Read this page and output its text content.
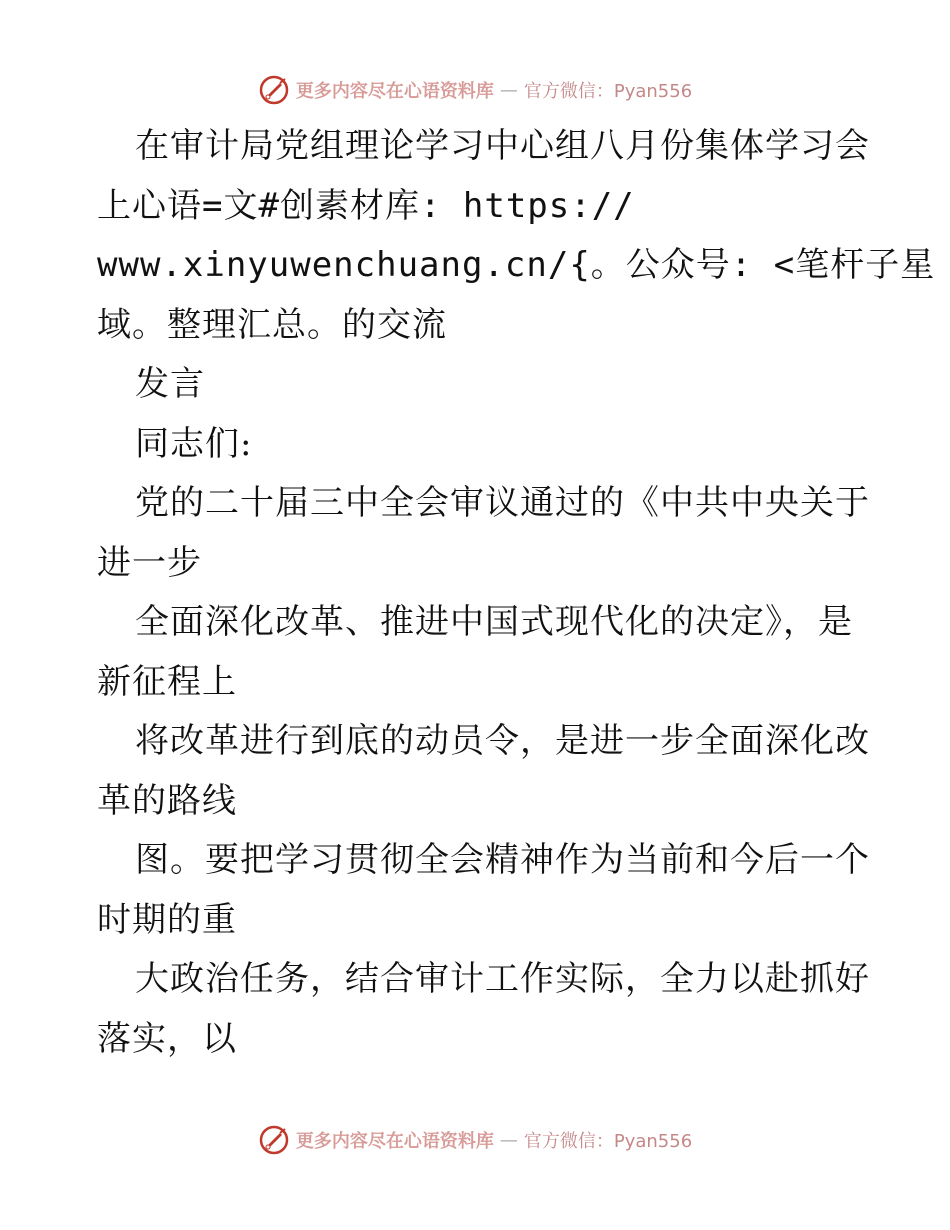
更多内容尽在心语资料库 — 官方微信：Pyan556
在审计局党组理论学习中心组八月份集体学习会
上心语=文#创素材库: https://
www.xinyuwenchuang.cn/{。公众号: <笔杆子星
域。整理汇总。的交流
发言
同志们:
党的二十届三中全会审议通过的《中共中央关于
进一步
全面深化改革、推进中国式现代化的决定》，是
新征程上
将改革进行到底的动员令，是进一步全面深化改
革的路线
图。要把学习贯彻全会精神作为当前和今后一个
时期的重
大政治任务，结合审计工作实际，全力以赴抓好
落实，以
更多内容尽在心语资料库 — 官方微信：Pyan556
